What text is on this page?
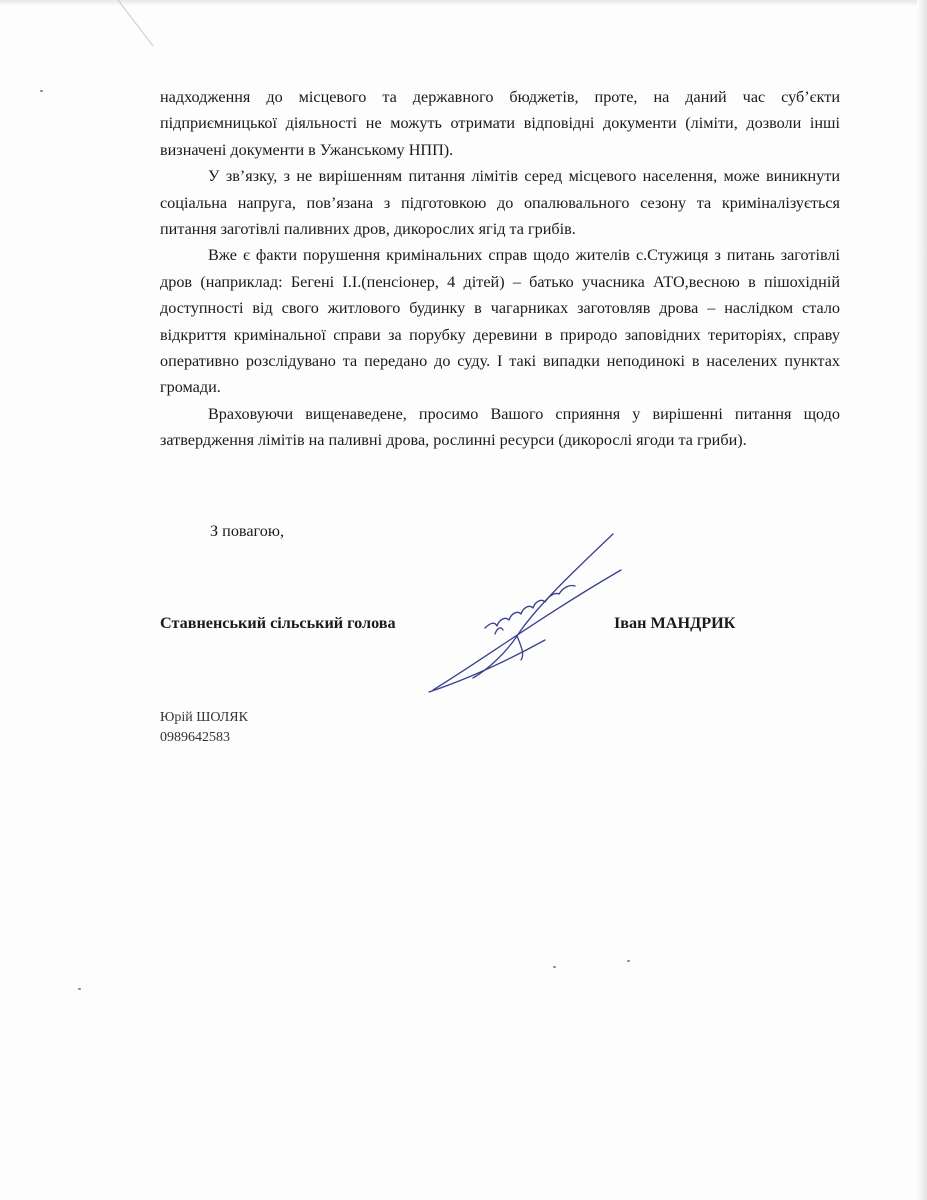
надходження до місцевого та державного бюджетів, проте, на даний час суб’єкти підприємницької діяльності не можуть отримати відповідні документи (ліміти, дозволи інші визначені документи в Ужанському НПП).

У зв’язку, з не вирішенням питання лімітів серед місцевого населення, може виникнути соціальна напруга, пов’язана з підготовкою до опалювального сезону та криміналізується питання заготівлі паливних дров, дикорослих ягід та грибів.

Вже є факти порушення кримінальних справ щодо жителів с.Стужиця з питань заготівлі дров (наприклад: Бегені І.І.(пенсіонер, 4 дітей) – батько учасника АТО,весною в пішохідній доступності від свого житлового будинку в чагарниках заготовляв дрова – наслідком стало відкриття кримінальної справи за порубку деревини в природо заповідних територіях, справу оперативно розслідувано та передано до суду. І такі випадки неподинокі в населених пунктах громади.

Враховуючи вищенаведене, просимо Вашого сприяння у вирішенні питання щодо затвердження лімітів на паливні дрова, рослинні ресурси (дикорослі ягоди та гриби).

З повагою,
Ставненський сільський голова	Іван МАНДРИК
Юрій ШОЛЯК
0989642583
